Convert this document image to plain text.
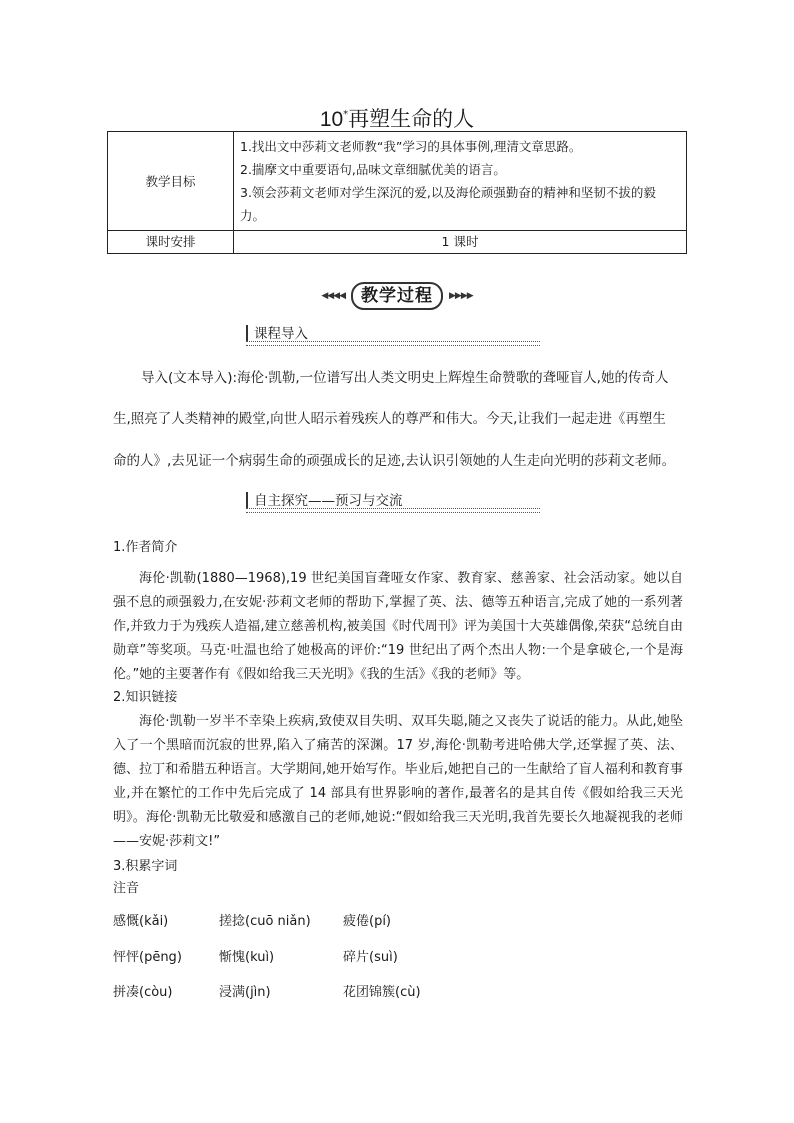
10*再塑生命的人
教学目标	1.找出文中莎莉文老师教“我”学习的具体事例,理清文章思路。
2.揣摩文中重要语句,品味文章细腻优美的语言。
3.领会莎莉文老师对学生深沉的爱,以及海伦顽强勤奋的精神和坚韧不拔的毅力。

课时安排	1 课时
◀◀◀◀ 教学过程	▶▶▶▶
课程导入
导入(文本导入):海伦·凯勒,一位谱写出人类文明史上辉煌生命赞歌的聋哑盲人,她的传奇人
生,照亮了人类精神的殿堂,向世人昭示着残疾人的尊严和伟大。今天,让我们一起走进《再塑生
命的人》,去见证一个病弱生命的顽强成长的足迹,去认识引领她的人生走向光明的莎莉文老师。
自主探究——预习与交流
1.作者简介
海伦·凯勒(1880—1968),19 世纪美国盲聋哑女作家、教育家、慈善家、社会活动家。她以自强不息的顽强毅力,在安妮·莎莉文老师的帮助下,掌握了英、法、德等五种语言,完成了她的一系列著作,并致力于为残疾人造福,建立慈善机构,被美国《时代周刊》评为美国十大英雄偶像,荣获“总统自由勋章”等奖项。马克·吐温也给了她极高的评价:“19 世纪出了两个杰出人物:一个是拿破仑,一个是海伦。”她的主要著作有《假如给我三天光明》《我的生活》《我的老师》等。
2.知识链接
海伦·凯勒一岁半不幸染上疾病,致使双目失明、双耳失聪,随之又丧失了说话的能力。从此,她坠入了一个黑暗而沉寂的世界,陷入了痛苦的深渊。17 岁,海伦·凯勒考进哈佛大学,还掌握了英、法、德、拉丁和希腊五种语言。大学期间,她开始写作。毕业后,她把自己的一生献给了盲人福利和教育事业,并在繁忙的工作中先后完成了 14 部具有世界影响的著作,最著名的是其自传《假如给我三天光明》。海伦·凯勒无比敬爱和感激自己的老师,她说:“假如给我三天光明,我首先要长久地凝视我的老师——安妮·莎莉文!”
3.积累字词
注音
感慨(kǎi)	搓捻(cuō niǎn) 疲倦(pí)
怦怦(pēng)	惭愧(kuì)	碎片(suì)
拼凑(còu)	浸满(jìn)	花团锦簇(cù)
